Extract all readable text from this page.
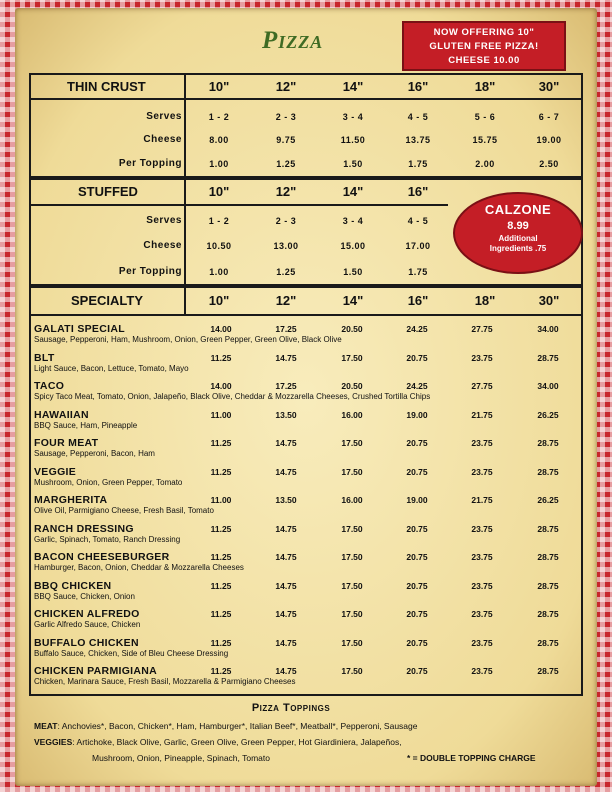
Pizza	NOW OFFERING 10"
GLUTEN FREE PIZZA!
CHEESE 10.00
THIN CRUST	10"	12"	14"	16"	18"	30"
Serves	1 - 2	2 - 3	3 - 4	4 - 5	5 - 6	6 - 7
Cheese	8.00	9.75	11.50	13.75	15.75	19.00
Per Topping	1.00	1.25	1.50	1.75	2.00	2.50
STUFFED	10"	12"	14"	16"
Serves	1 - 2	2 - 3	3 - 4	4 - 5
Cheese	10.50	13.00	15.00	17.00
Per Topping	1.00	1.25	1.50	1.75
CALZONE
8.99
Additional
Ingredients .75
SPECIALTY	10"	12"	14"	16"	18"	30"
GALATI SPECIAL
Sausage, Pepperoni, Ham, Mushroom, Onion, Green Pepper, Green Olive, Black Olive
14.00	17.25	20.50	24.25	27.75	34.00
BLT
Light Sauce, Bacon, Lettuce, Tomato, Mayo
11.25	14.75	17.50	20.75	23.75	28.75
TACO
Spicy Taco Meat, Tomato, Onion, Jalapeño, Black Olive, Cheddar & Mozzarella Cheeses, Crushed Tortilla Chips
14.00	17.25	20.50	24.25	27.75	34.00
HAWAIIAN
BBQ Sauce, Ham, Pineapple
11.00	13.50	16.00	19.00	21.75	26.25
FOUR MEAT
Sausage, Pepperoni, Bacon, Ham
11.25	14.75	17.50	20.75	23.75	28.75
VEGGIE
Mushroom, Onion, Green Pepper, Tomato
11.25	14.75	17.50	20.75	23.75	28.75
MARGHERITA
Olive Oil, Parmigiano Cheese, Fresh Basil, Tomato
11.00	13.50	16.00	19.00	21.75	26.25
RANCH DRESSING
Garlic, Spinach, Tomato, Ranch Dressing
11.25	14.75	17.50	20.75	23.75	28.75
BACON CHEESEBURGER
Hamburger, Bacon, Onion, Cheddar & Mozzarella Cheeses
11.25	14.75	17.50	20.75	23.75	28.75
BBQ CHICKEN
BBQ Sauce, Chicken, Onion
11.25	14.75	17.50	20.75	23.75	28.75
CHICKEN ALFREDO
Garlic Alfredo Sauce, Chicken
11.25	14.75	17.50	20.75	23.75	28.75
BUFFALO CHICKEN
Buffalo Sauce, Chicken, Side of Bleu Cheese Dressing
11.25	14.75	17.50	20.75	23.75	28.75
CHICKEN PARMIGIANA
Chicken, Marinara Sauce, Fresh Basil, Mozzarella & Parmigiano Cheeses
11.25	14.75	17.50	20.75	23.75	28.75
Pizza Toppings
MEAT: Anchovies*, Bacon, Chicken*, Ham, Hamburger*, Italian Beef*, Meatball*, Pepperoni, Sausage
VEGGIES: Artichoke, Black Olive, Garlic, Green Olive, Green Pepper, Hot Giardiniera, Jalapeños,
Mushroom, Onion, Pineapple, Spinach, Tomato	* = DOUBLE TOPPING CHARGE
